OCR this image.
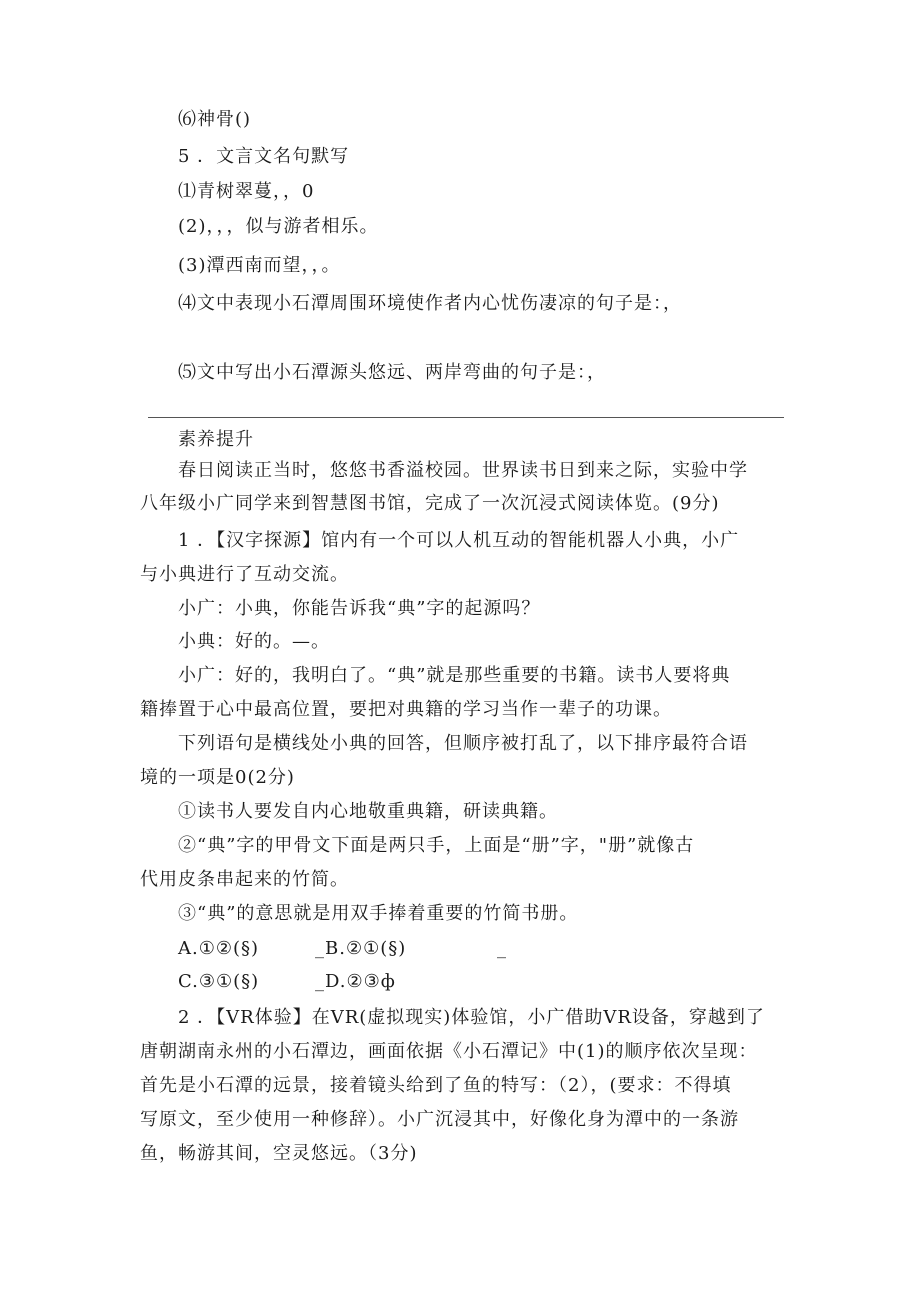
⑹神骨()
5 ．文言文名句默写
⑴青树翠蔓，，0
(2)，，，似与游者相乐。
(3)潭西南而望，，。
⑷文中表现小石潭周围环境使作者内心忧伤凄凉的句子是：，
⑸文中写出小石潭源头悠远、两岸弯曲的句子是：，
素养提升
春日阅读正当时，悠悠书香溢校园。世界读书日到来之际，实验中学
八年级小广同学来到智慧图书馆，完成了一次沉浸式阅读体览。(9分)
1 ．【汉字探源】馆内有一个可以人机互动的智能机器人小典，小广
与小典进行了互动交流。
小广：小典，你能告诉我“典”字的起源吗？
小典：好的。—。
小广：好的，我明白了。“典”就是那些重要的书籍。读书人要将典
籍捧置于心中最高位置，要把对典籍的学习当作一辈子的功课。
下列语句是横线处小典的回答，但顺序被打乱了，以下排序最符合语
境的一项是0(2分)
①读书人要发自内心地敬重典籍，研读典籍。
②“典”字的甲骨文下面是两只手，上面是“册”字，"册”就像古
代用皮条串起来的竹简。
③“典”的意思就是用双手捧着重要的竹简书册。
A.①②(§)	_B.②①(§)	_
C.③①(§)	_D.②③ф
2 ．【VR体验】在VR(虚拟现实)体验馆，小广借助VR设备，穿越到了
唐朝湖南永州的小石潭边，画面依据《小石潭记》中(1)的顺序依次呈现：
首先是小石潭的远景，接着镜头给到了鱼的特写：（2），(要求：不得填
写原文，至少使用一种修辞）。小广沉浸其中，好像化身为潭中的一条游
鱼，畅游其间，空灵悠远。（3分)
